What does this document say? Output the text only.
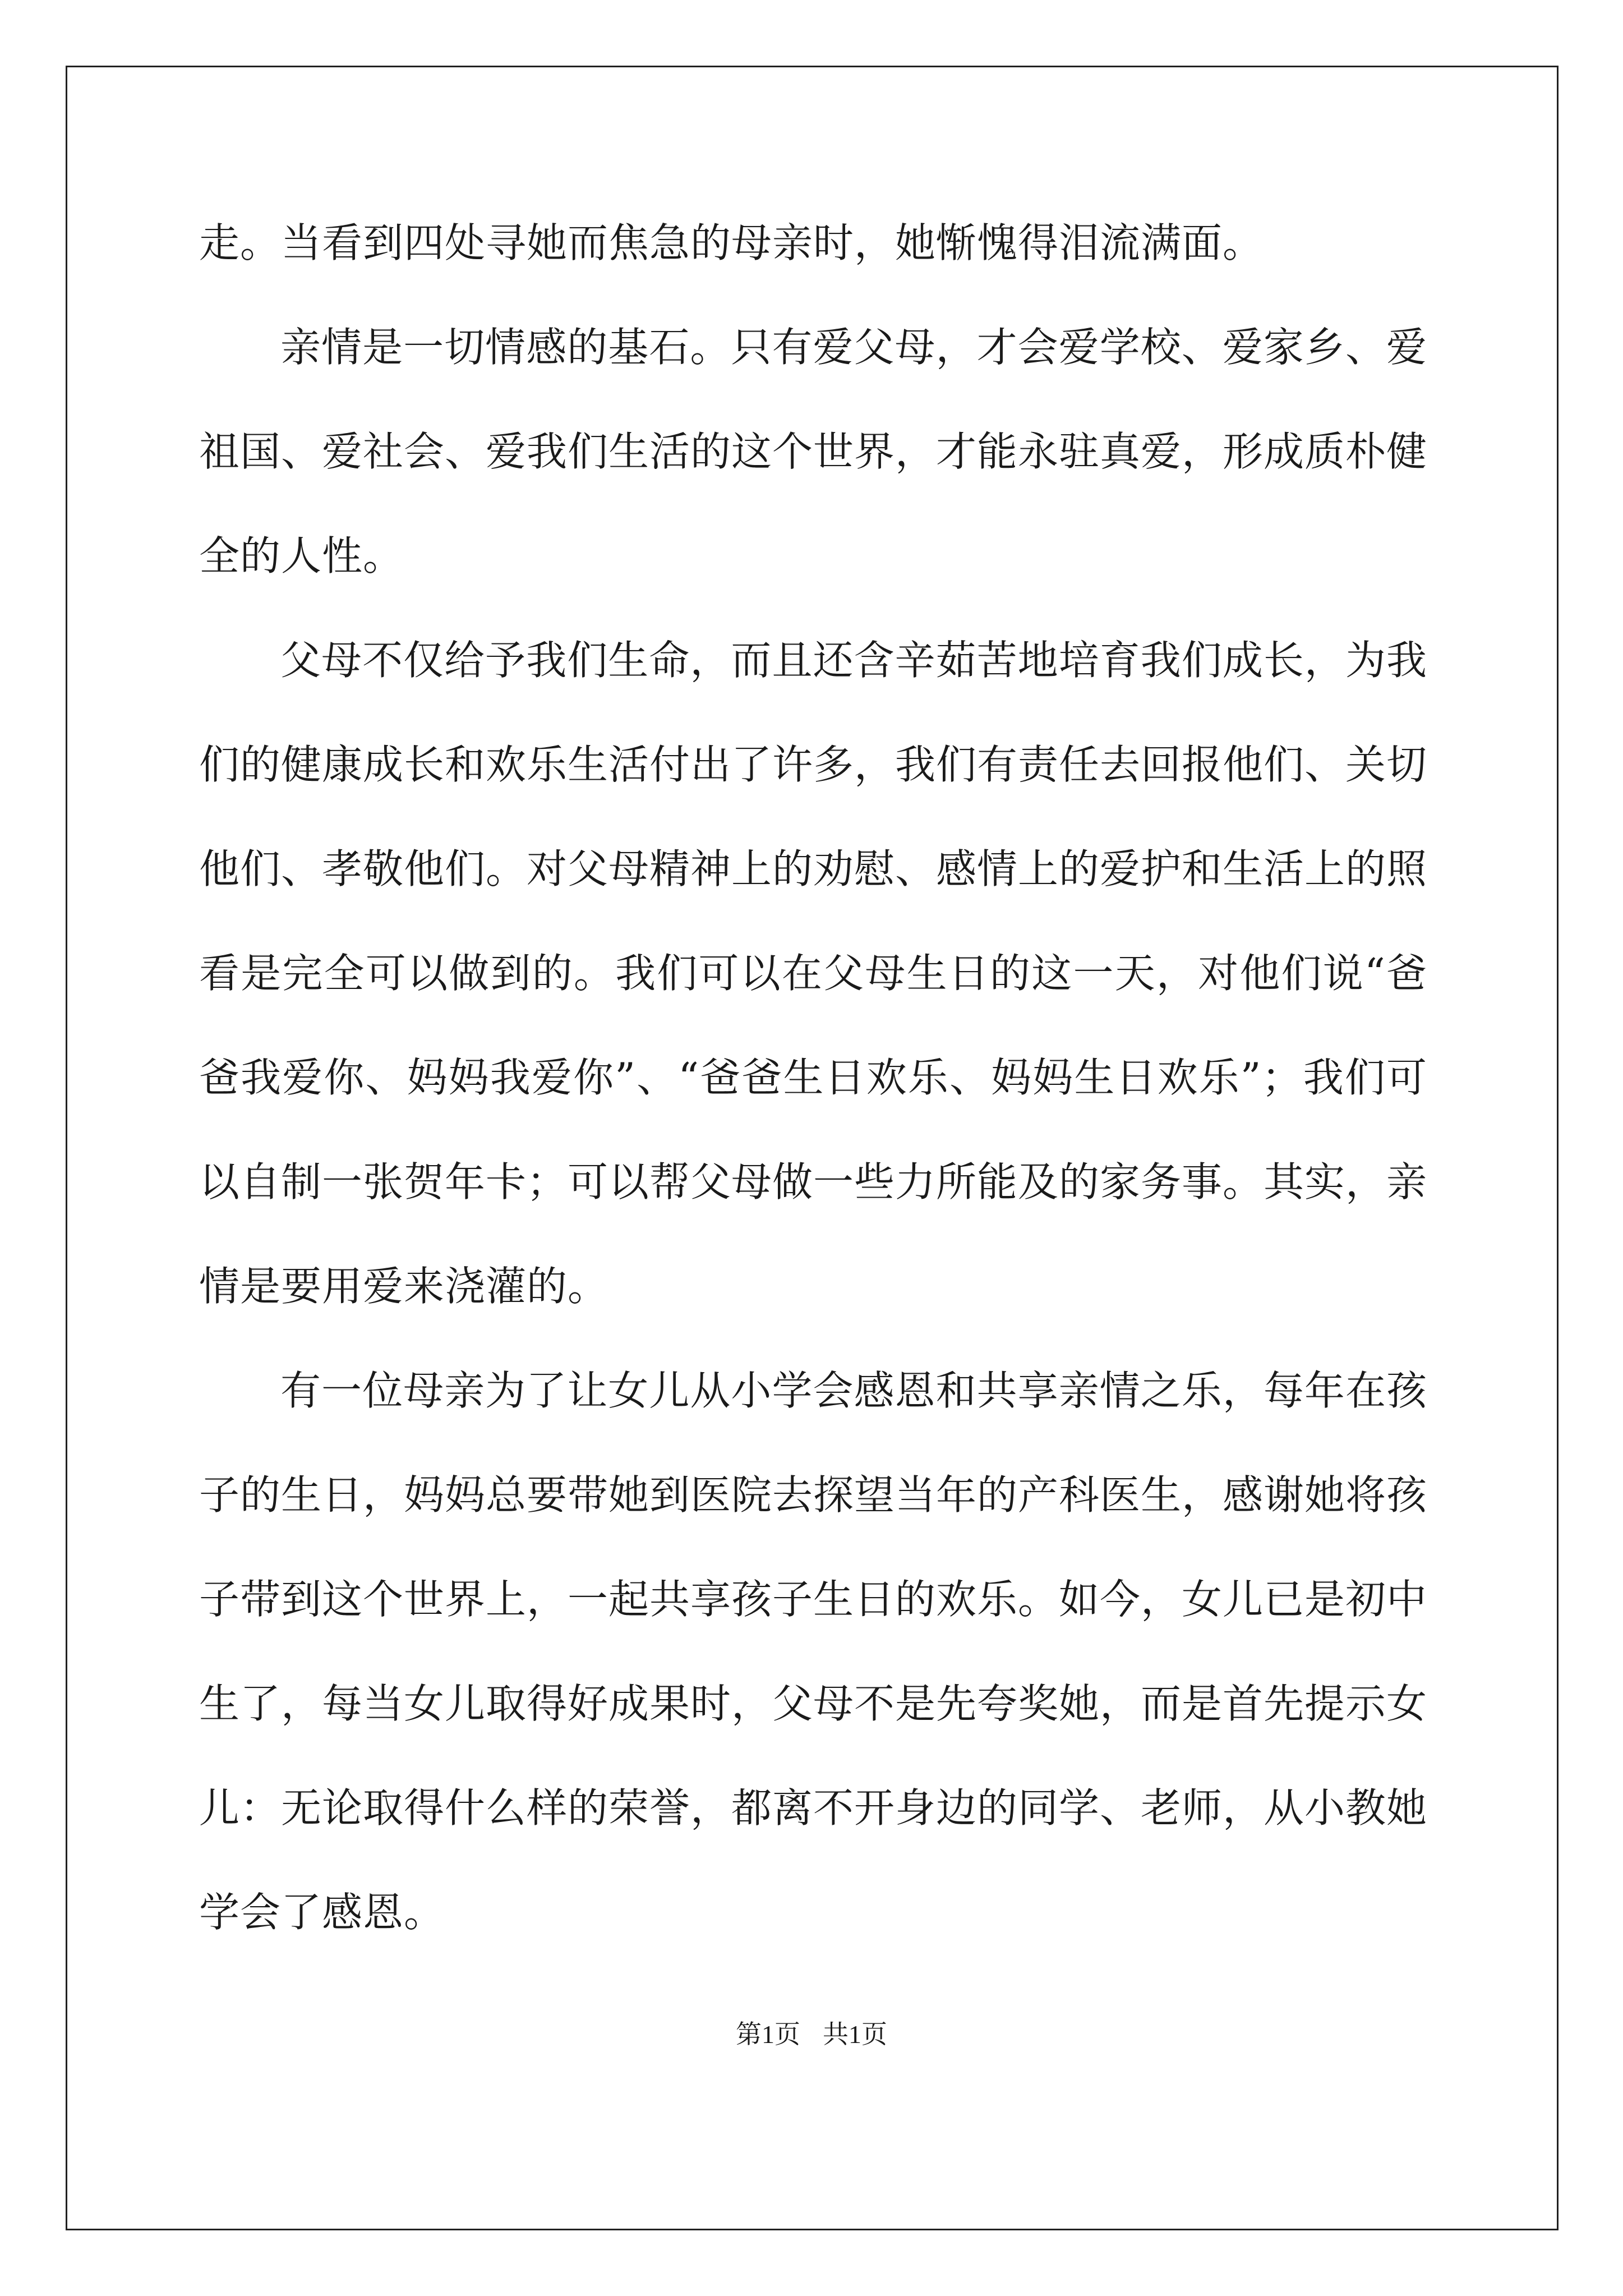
走。当看到四处寻她而焦急的母亲时，她惭愧得泪流满面。

亲情是一切情感的基石。只有爱父母，才会爱学校、爱家乡、爱祖国、爱社会、爱我们生活的这个世界，才能永驻真爱，形成质朴健全的人性。

父母不仅给予我们生命，而且还含辛茹苦地培育我们成长，为我们的健康成长和欢乐生活付出了许多，我们有责任去回报他们、关切他们、孝敬他们。对父母精神上的劝慰、感情上的爱护和生活上的照看是完全可以做到的。我们可以在父母生日的这一天，对他们说“爸爸我爱你、妈妈我爱你”、“爸爸生日欢乐、妈妈生日欢乐”；我们可以自制一张贺年卡；可以帮父母做一些力所能及的家务事。其实，亲情是要用爱来浇灌的。

有一位母亲为了让女儿从小学会感恩和共享亲情之乐，每年在孩子的生日，妈妈总要带她到医院去探望当年的产科医生，感谢她将孩子带到这个世界上，一起共享孩子生日的欢乐。如今，女儿已是初中生了，每当女儿取得好成果时，父母不是先夸奖她，而是首先提示女儿：无论取得什么样的荣誉，都离不开身边的同学、老师，从小教她学会了感恩。

第1页 共1页
